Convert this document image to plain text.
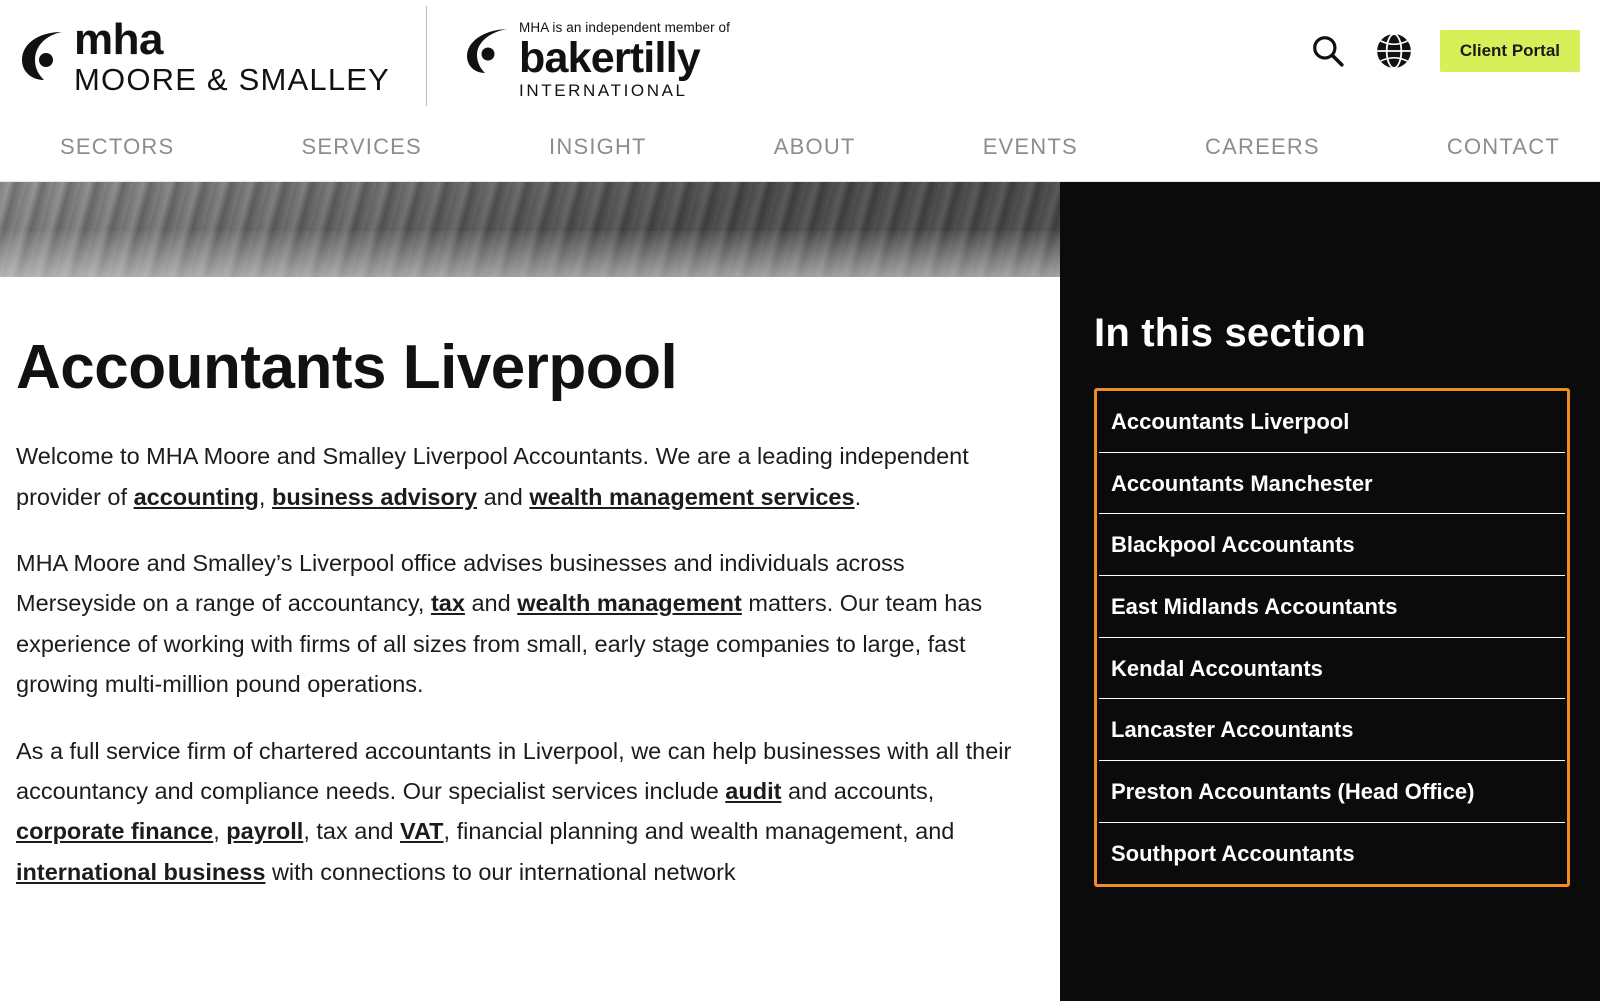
mha
MOORE & SMALLEY
MHA is an independent member of
bakertilly
INTERNATIONAL
Client Portal
SECTORS	SERVICES	INSIGHT	ABOUT	EVENTS	CAREERS	CONTACT
Accountants Liverpool

Welcome to MHA Moore and Smalley Liverpool Accountants. We are a leading independent provider of accounting, business advisory and wealth management services.

MHA Moore and Smalley’s Liverpool office advises businesses and individuals across Merseyside on a range of accountancy, tax and wealth management matters. Our team has experience of working with firms of all sizes from small, early stage companies to large, fast growing multi-million pound operations.

As a full service firm of chartered accountants in Liverpool, we can help businesses with all their accountancy and compliance needs. Our specialist services include audit and accounts, corporate finance, payroll, tax and VAT, financial planning and wealth management, and international business with connections to our international network

In this section
Accountants Liverpool
Accountants Manchester
Blackpool Accountants
East Midlands Accountants
Kendal Accountants
Lancaster Accountants
Preston Accountants (Head Office)
Southport Accountants
